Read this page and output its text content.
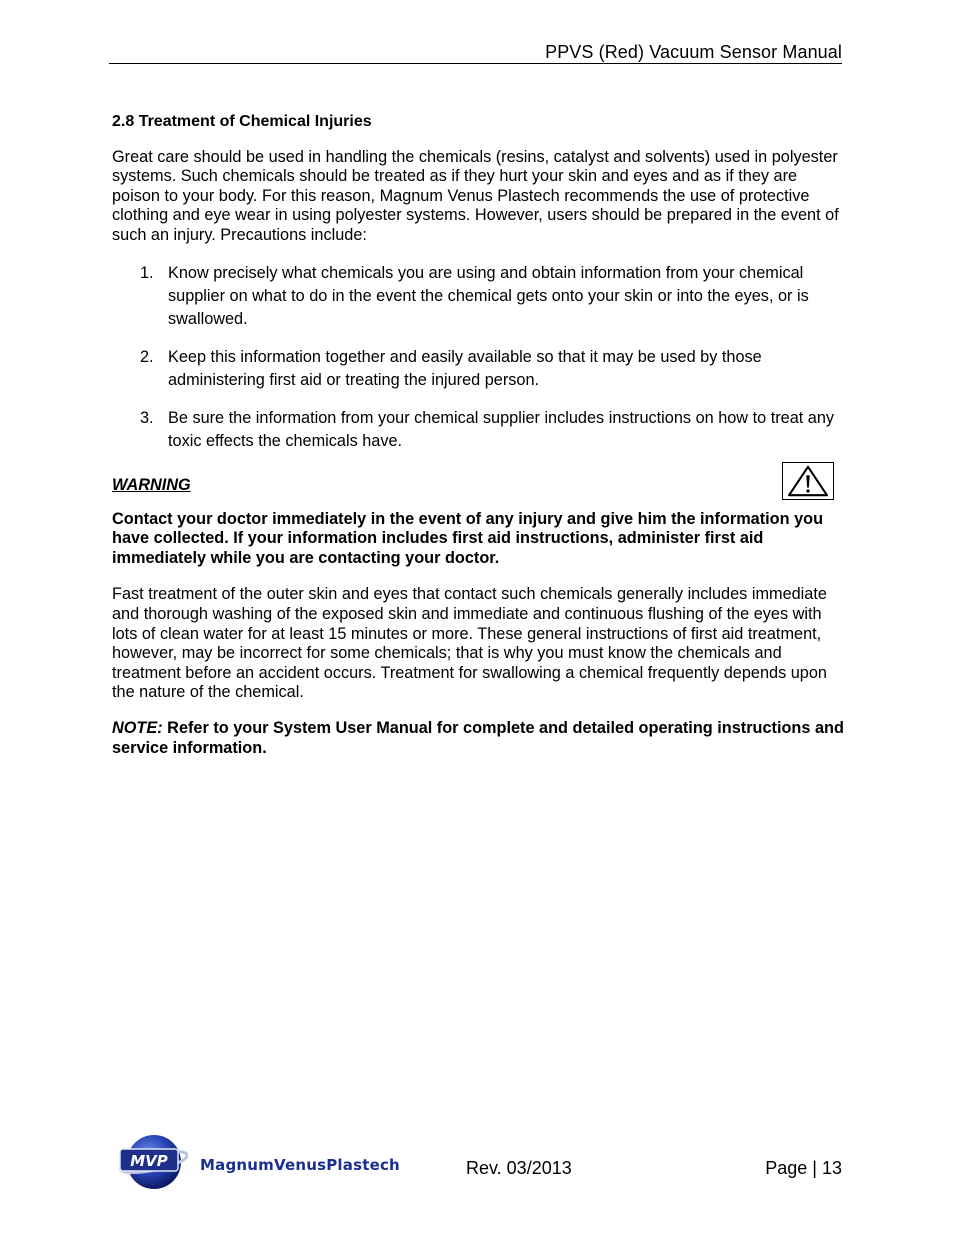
PPVS (Red) Vacuum Sensor Manual
2.8 Treatment of Chemical Injuries

Great care should be used in handling the chemicals (resins, catalyst and solvents) used in polyester systems. Such chemicals should be treated as if they hurt your skin and eyes and as if they are poison to your body. For this reason, Magnum Venus Plastech recommends the use of protective clothing and eye wear in using polyester systems. However, users should be prepared in the event of such an injury. Precautions include:

1. Know precisely what chemicals you are using and obtain information from your chemical supplier on what to do in the event the chemical gets onto your skin or into the eyes, or is swallowed.
2. Keep this information together and easily available so that it may be used by those administering first aid or treating the injured person.
3. Be sure the information from your chemical supplier includes instructions on how to treat any toxic effects the chemicals have.
WARNING

Contact your doctor immediately in the event of any injury and give him the information you have collected. If your information includes first aid instructions, administer first aid immediately while you are contacting your doctor.

Fast treatment of the outer skin and eyes that contact such chemicals generally includes immediate and thorough washing of the exposed skin and immediate and continuous flushing of the eyes with lots of clean water for at least 15 minutes or more. These general instructions of first aid treatment, however, may be incorrect for some chemicals; that is why you must know the chemicals and treatment before an accident occurs. Treatment for swallowing a chemical frequently depends upon the nature of the chemical.

NOTE: Refer to your System User Manual for complete and detailed operating instructions and service information.

MVP MagnumVenusPlastech	Rev. 03/2013	Page | 13
